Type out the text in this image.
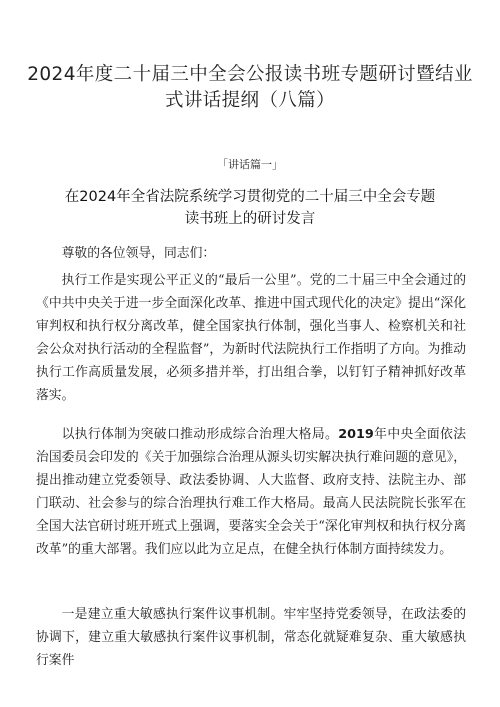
2024年度二十届三中全会公报读书班专题研讨暨结业式讲话提纲（八篇）
「讲话篇一」
在2024年全省法院系统学习贯彻党的二十届三中全会专题读书班上的研讨发言

尊敬的各位领导，同志们：

执行工作是实现公平正义的“最后一公里”。党的二十届三中全会通过的《中共中央关于进一步全面深化改革、推进中国式现代化的决定》提出“深化审判权和执行权分离改革，健全国家执行体制，强化当事人、检察机关和社会公众对执行活动的全程监督”，为新时代法院执行工作指明了方向。为推动执行工作高质量发展，必须多措并举，打出组合拳，以钉钉子精神抓好改革落实。

以执行体制为突破口推动形成综合治理大格局。2019年中央全面依法治国委员会印发的《关于加强综合治理从源头切实解决执行难问题的意见》，提出推动建立党委领导、政法委协调、人大监督、政府支持、法院主办、部门联动、社会参与的综合治理执行难工作大格局。最高人民法院院长张军在全国大法官研讨班开班式上强调，要落实全会关于“深化审判权和执行权分离改革”的重大部署。我们应以此为立足点，在健全执行体制方面持续发力。

一是建立重大敏感执行案件议事机制。牢牢坚持党委领导，在政法委的协调下，建立重大敏感执行案件议事机制，常态化就疑难复杂、重大敏感执行案件
